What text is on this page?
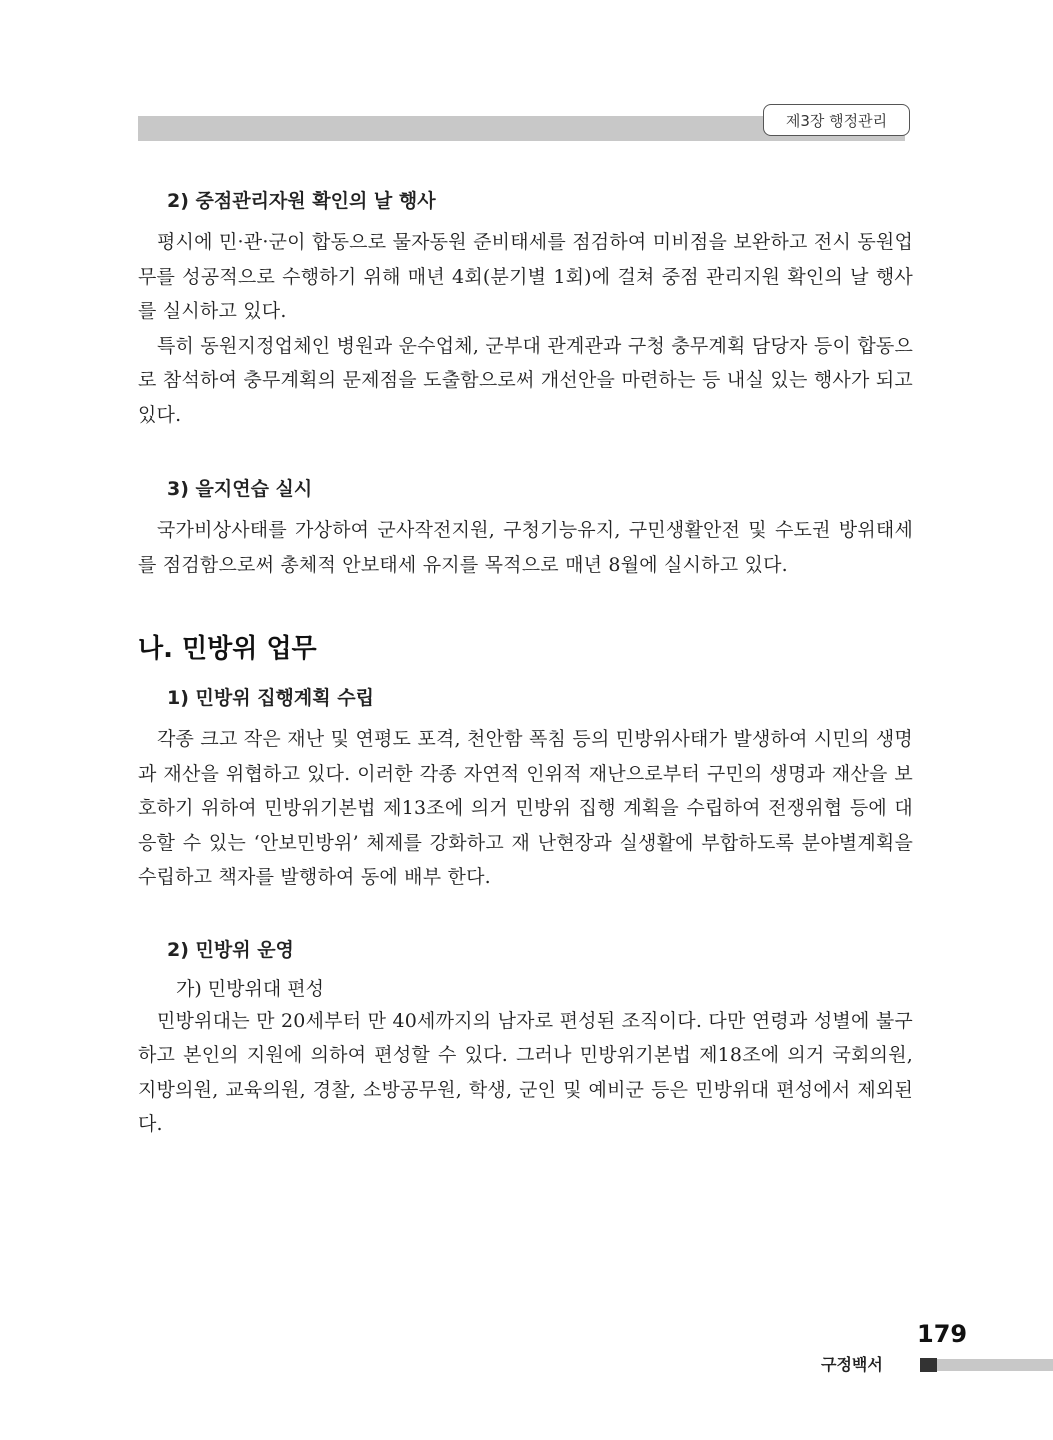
제3장 행정관리
2) 중점관리자원 확인의 날 행사

평시에 민·관·군이 합동으로 물자동원 준비태세를 점검하여 미비점을 보완하고 전시 동원업무를 성공적으로 수행하기 위해 매년 4회(분기별 1회)에 걸쳐 중점 관리지원 확인의 날 행사를 실시하고 있다.

특히 동원지정업체인 병원과 운수업체, 군부대 관계관과 구청 충무계획 담당자 등이 합동으로 참석하여 충무계획의 문제점을 도출함으로써 개선안을 마련하는 등 내실 있는 행사가 되고 있다.

3) 을지연습 실시

국가비상사태를 가상하여 군사작전지원, 구청기능유지, 구민생활안전 및 수도권 방위태세를 점검함으로써 총체적 안보태세 유지를 목적으로 매년 8월에 실시하고 있다.

나. 민방위 업무
1) 민방위 집행계획 수립

각종 크고 작은 재난 및 연평도 포격, 천안함 폭침 등의 민방위사태가 발생하여 시민의 생명과 재산을 위협하고 있다. 이러한 각종 자연적 인위적 재난으로부터 구민의 생명과 재산을 보호하기 위하여 민방위기본법 제13조에 의거 민방위 집행 계획을 수립하여 전쟁위협 등에 대응할 수 있는 ‘안보민방위’ 체제를 강화하고 재 난현장과 실생활에 부합하도록 분야별계획을 수립하고 책자를 발행하여 동에 배부 한다.

2) 민방위 운영

가) 민방위대 편성

민방위대는 만 20세부터 만 40세까지의 남자로 편성된 조직이다. 다만 연령과 성별에 불구하고 본인의 지원에 의하여 편성할 수 있다. 그러나 민방위기본법 제18조에 의거 국회의원, 지방의원, 교육의원, 경찰, 소방공무원, 학생, 군인 및 예비군 등은 민방위대 편성에서 제외된다.

179
구정백서
